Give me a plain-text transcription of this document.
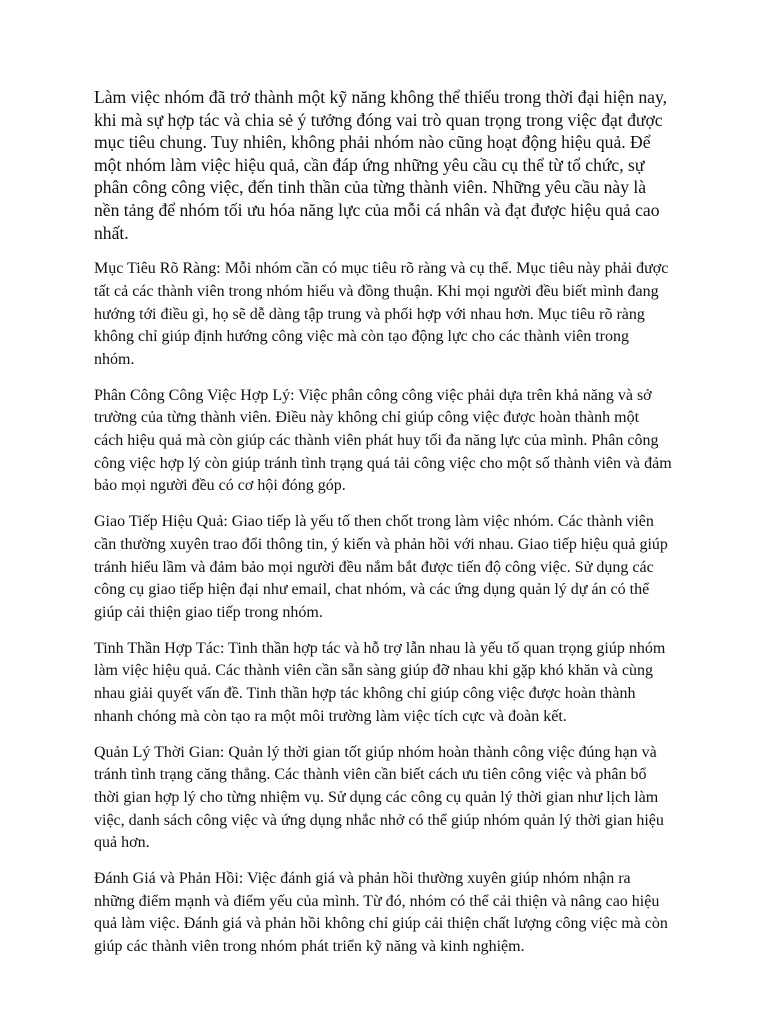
Làm việc nhóm đã trở thành một kỹ năng không thể thiếu trong thời đại hiện nay, khi mà sự hợp tác và chia sẻ ý tưởng đóng vai trò quan trọng trong việc đạt được mục tiêu chung. Tuy nhiên, không phải nhóm nào cũng hoạt động hiệu quả. Để một nhóm làm việc hiệu quả, cần đáp ứng những yêu cầu cụ thể từ tổ chức, sự phân công công việc, đến tinh thần của từng thành viên. Những yêu cầu này là nền tảng để nhóm tối ưu hóa năng lực của mỗi cá nhân và đạt được hiệu quả cao nhất.

Mục Tiêu Rõ Ràng: Mỗi nhóm cần có mục tiêu rõ ràng và cụ thể. Mục tiêu này phải được tất cả các thành viên trong nhóm hiểu và đồng thuận. Khi mọi người đều biết mình đang hướng tới điều gì, họ sẽ dễ dàng tập trung và phối hợp với nhau hơn. Mục tiêu rõ ràng không chỉ giúp định hướng công việc mà còn tạo động lực cho các thành viên trong nhóm.

Phân Công Công Việc Hợp Lý: Việc phân công công việc phải dựa trên khả năng và sở trường của từng thành viên. Điều này không chỉ giúp công việc được hoàn thành một cách hiệu quả mà còn giúp các thành viên phát huy tối đa năng lực của mình. Phân công công việc hợp lý còn giúp tránh tình trạng quá tải công việc cho một số thành viên và đảm bảo mọi người đều có cơ hội đóng góp.

Giao Tiếp Hiệu Quả: Giao tiếp là yếu tố then chốt trong làm việc nhóm. Các thành viên cần thường xuyên trao đổi thông tin, ý kiến và phản hồi với nhau. Giao tiếp hiệu quả giúp tránh hiểu lầm và đảm bảo mọi người đều nắm bắt được tiến độ công việc. Sử dụng các công cụ giao tiếp hiện đại như email, chat nhóm, và các ứng dụng quản lý dự án có thể giúp cải thiện giao tiếp trong nhóm.

Tinh Thần Hợp Tác: Tinh thần hợp tác và hỗ trợ lẫn nhau là yếu tố quan trọng giúp nhóm làm việc hiệu quả. Các thành viên cần sẵn sàng giúp đỡ nhau khi gặp khó khăn và cùng nhau giải quyết vấn đề. Tinh thần hợp tác không chỉ giúp công việc được hoàn thành nhanh chóng mà còn tạo ra một môi trường làm việc tích cực và đoàn kết.

Quản Lý Thời Gian: Quản lý thời gian tốt giúp nhóm hoàn thành công việc đúng hạn và tránh tình trạng căng thẳng. Các thành viên cần biết cách ưu tiên công việc và phân bổ thời gian hợp lý cho từng nhiệm vụ. Sử dụng các công cụ quản lý thời gian như lịch làm việc, danh sách công việc và ứng dụng nhắc nhở có thể giúp nhóm quản lý thời gian hiệu quả hơn.

Đánh Giá và Phản Hồi: Việc đánh giá và phản hồi thường xuyên giúp nhóm nhận ra những điểm mạnh và điểm yếu của mình. Từ đó, nhóm có thể cải thiện và nâng cao hiệu quả làm việc. Đánh giá và phản hồi không chỉ giúp cải thiện chất lượng công việc mà còn giúp các thành viên trong nhóm phát triển kỹ năng và kinh nghiệm.
